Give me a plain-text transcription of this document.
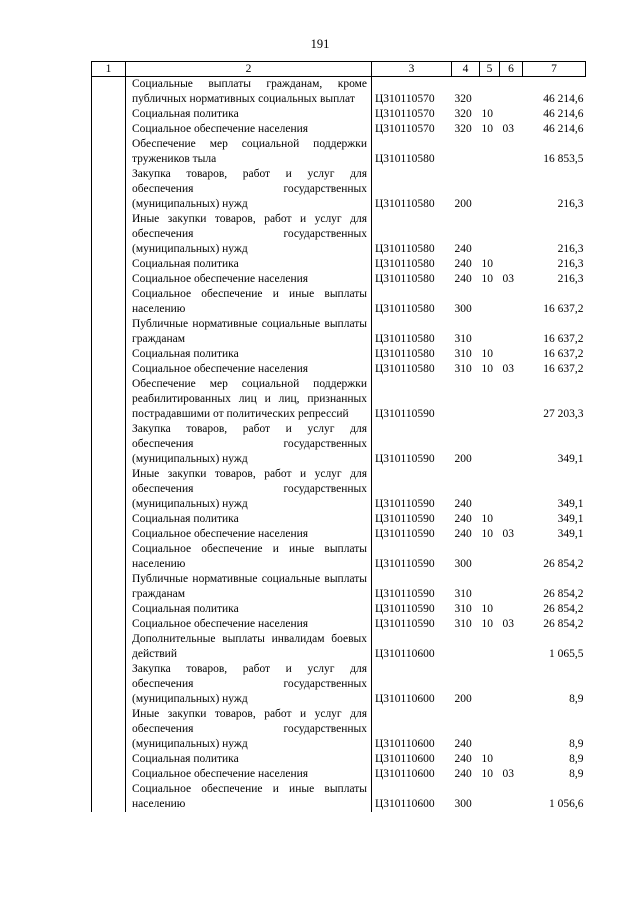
191
1	2	3	4	5	6	7
	Социальные выплаты гражданам, кроме публичных нормативных социальных выплат	Ц310110570	320			46 214,6
	Социальная политика	Ц310110570	320	10		46 214,6
	Социальное обеспечение населения	Ц310110570	320	10	03	46 214,6
	Обеспечение мер социальной поддержки тружеников тыла	Ц310110580				16 853,5
	Закупка товаров, работ и услуг для обеспечения государственных (муниципальных) нужд	Ц310110580	200			216,3
	Иные закупки товаров, работ и услуг для обеспечения государственных (муниципальных) нужд	Ц310110580	240			216,3
	Социальная политика	Ц310110580	240	10		216,3
	Социальное обеспечение населения	Ц310110580	240	10	03	216,3
	Социальное обеспечение и иные выплаты населению	Ц310110580	300			16 637,2
	Публичные нормативные социальные выплаты гражданам	Ц310110580	310			16 637,2
	Социальная политика	Ц310110580	310	10		16 637,2
	Социальное обеспечение населения	Ц310110580	310	10	03	16 637,2
	Обеспечение мер социальной поддержки реабилитированных лиц и лиц, признанных пострадавшими от политических репрессий	Ц310110590				27 203,3
	Закупка товаров, работ и услуг для обеспечения государственных (муниципальных) нужд	Ц310110590	200			349,1
	Иные закупки товаров, работ и услуг для обеспечения государственных (муниципальных) нужд	Ц310110590	240			349,1
	Социальная политика	Ц310110590	240	10		349,1
	Социальное обеспечение населения	Ц310110590	240	10	03	349,1
	Социальное обеспечение и иные выплаты населению	Ц310110590	300			26 854,2
	Публичные нормативные социальные выплаты гражданам	Ц310110590	310			26 854,2
	Социальная политика	Ц310110590	310	10		26 854,2
	Социальное обеспечение населения	Ц310110590	310	10	03	26 854,2
	Дополнительные выплаты инвалидам боевых действий	Ц310110600				1 065,5
	Закупка товаров, работ и услуг для обеспечения государственных (муниципальных) нужд	Ц310110600	200			8,9
	Иные закупки товаров, работ и услуг для обеспечения государственных (муниципальных) нужд	Ц310110600	240			8,9
	Социальная политика	Ц310110600	240	10		8,9
	Социальное обеспечение населения	Ц310110600	240	10	03	8,9
	Социальное обеспечение и иные выплаты населению	Ц310110600	300			1 056,6
